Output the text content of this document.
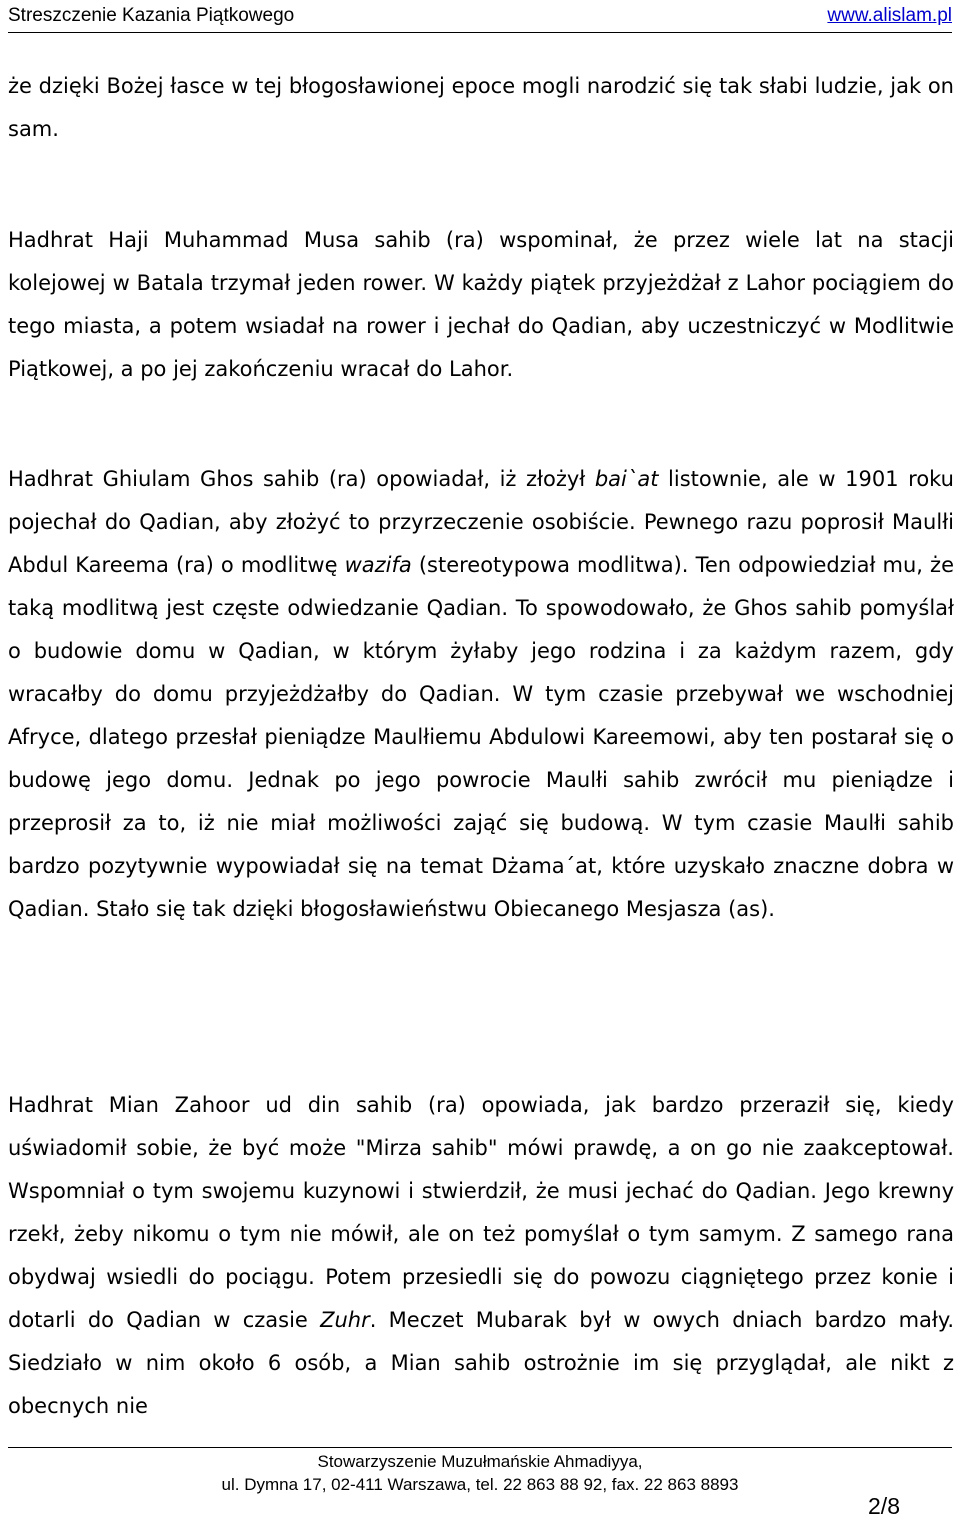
Streszczenie Kazania Piątkowego	www.alislam.pl

że dzięki Bożej łasce w tej błogosławionej epoce mogli narodzić się tak słabi ludzie, jak on sam.

Hadhrat Haji Muhammad Musa sahib (ra) wspominał, że przez wiele lat na stacji kolejowej w Batala trzymał jeden rower. W każdy piątek przyjeżdżał z Lahor pociągiem do tego miasta, a potem wsiadał na rower i jechał do Qadian, aby uczestniczyć w Modlitwie Piątkowej, a po jej zakończeniu wracał do Lahor.

Hadhrat Ghiulam Ghos sahib (ra) opowiadał, iż złożył bai`at listownie, ale w 1901 roku pojechał do Qadian, aby złożyć to przyrzeczenie osobiście. Pewnego razu poprosił Maulłi Abdul Kareema (ra) o modlitwę wazifa (stereotypowa modlitwa). Ten odpowiedział mu, że taką modlitwą jest częste odwiedzanie Qadian. To spowodowało, że Ghos sahib pomyślał o budowie domu w Qadian, w którym żyłaby jego rodzina i za każdym razem, gdy wracałby do domu przyjeżdżałby do Qadian. W tym czasie przebywał we wschodniej Afryce, dlatego przesłał pieniądze Maulłiemu Abdulowi Kareemowi, aby ten postarał się o budowę jego domu. Jednak po jego powrocie Maulłi sahib zwrócił mu pieniądze i przeprosił za to, iż nie miał możliwości zająć się budową. W tym czasie Maulłi sahib bardzo pozytywnie wypowiadał się na temat Dżama´at, które uzyskało znaczne dobra w Qadian. Stało się tak dzięki błogosławieństwu Obiecanego Mesjasza (as).

Hadhrat Mian Zahoor ud din sahib (ra) opowiada, jak bardzo przeraził się, kiedy uświadomił sobie, że być może "Mirza sahib" mówi prawdę, a on go nie zaakceptował. Wspomniał o tym swojemu kuzynowi i stwierdził, że musi jechać do Qadian. Jego krewny rzekł, żeby nikomu o tym nie mówił, ale on też pomyślał o tym samym. Z samego rana obydwaj wsiedli do pociągu. Potem przesiedli się do powozu ciągniętego przez konie i dotarli do Qadian w czasie Zuhr. Meczet Mubarak był w owych dniach bardzo mały. Siedziało w nim około 6 osób, a Mian sahib ostrożnie im się przyglądał, ale nikt z obecnych nie

Stowarzyszenie Muzułmańskie Ahmadiyya,
ul. Dymna 17, 02-411 Warszawa, tel. 22 863 88 92, fax. 22 863 8893
2/8
